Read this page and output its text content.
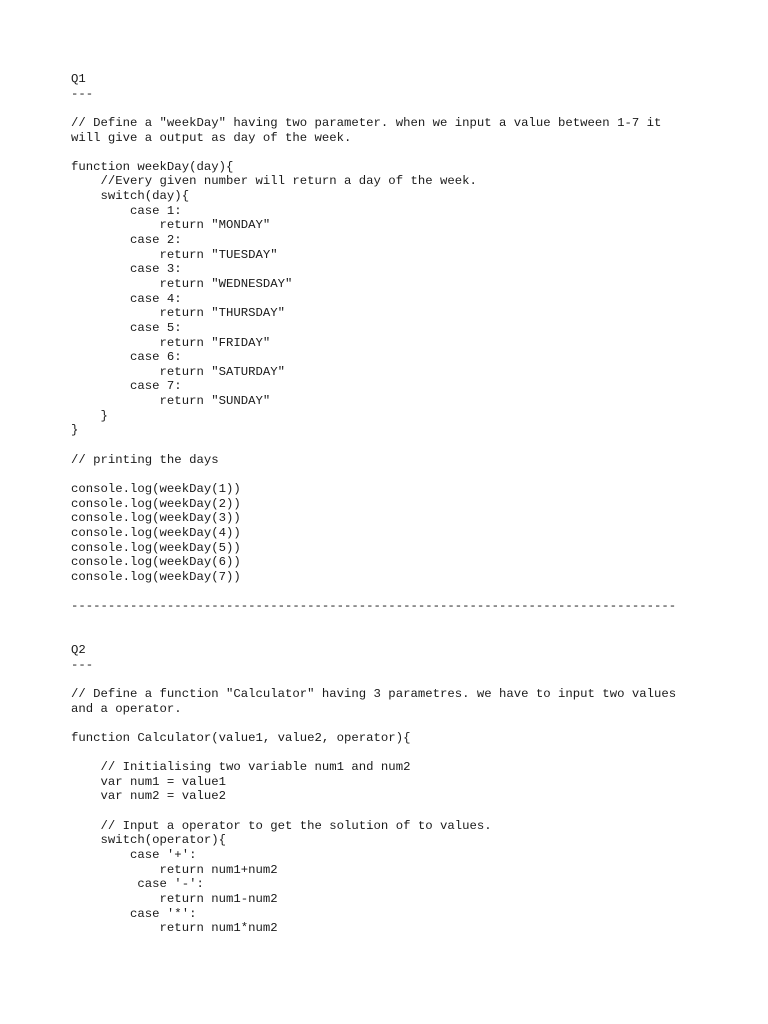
Q1
---
// Define a "weekDay" having two parameter. when we input a value between 1-7 it
will give a output as day of the week.
function weekDay(day){
//Every given number will return a day of the week.
switch(day){
case 1:
return "MONDAY"
case 2:
return "TUESDAY"
case 3:
return "WEDNESDAY"
case 4:
return "THURSDAY"
case 5:
return "FRIDAY"
case 6:
return "SATURDAY"
case 7:
return "SUNDAY"
}
}
// printing the days
console.log(weekDay(1))
console.log(weekDay(2))
console.log(weekDay(3))
console.log(weekDay(4))
console.log(weekDay(5))
console.log(weekDay(6))
console.log(weekDay(7))
----------------------------------------------------------------------------------
Q2
---
// Define a function "Calculator" having 3 parametres. we have to input two values
and a operator.
function Calculator(value1, value2, operator){
// Initialising two variable num1 and num2
var num1 = value1
var num2 = value2
// Input a operator to get the solution of to values.
switch(operator){
case '+':
return num1+num2
case '-':
return num1-num2
case '*':
return num1*num2
